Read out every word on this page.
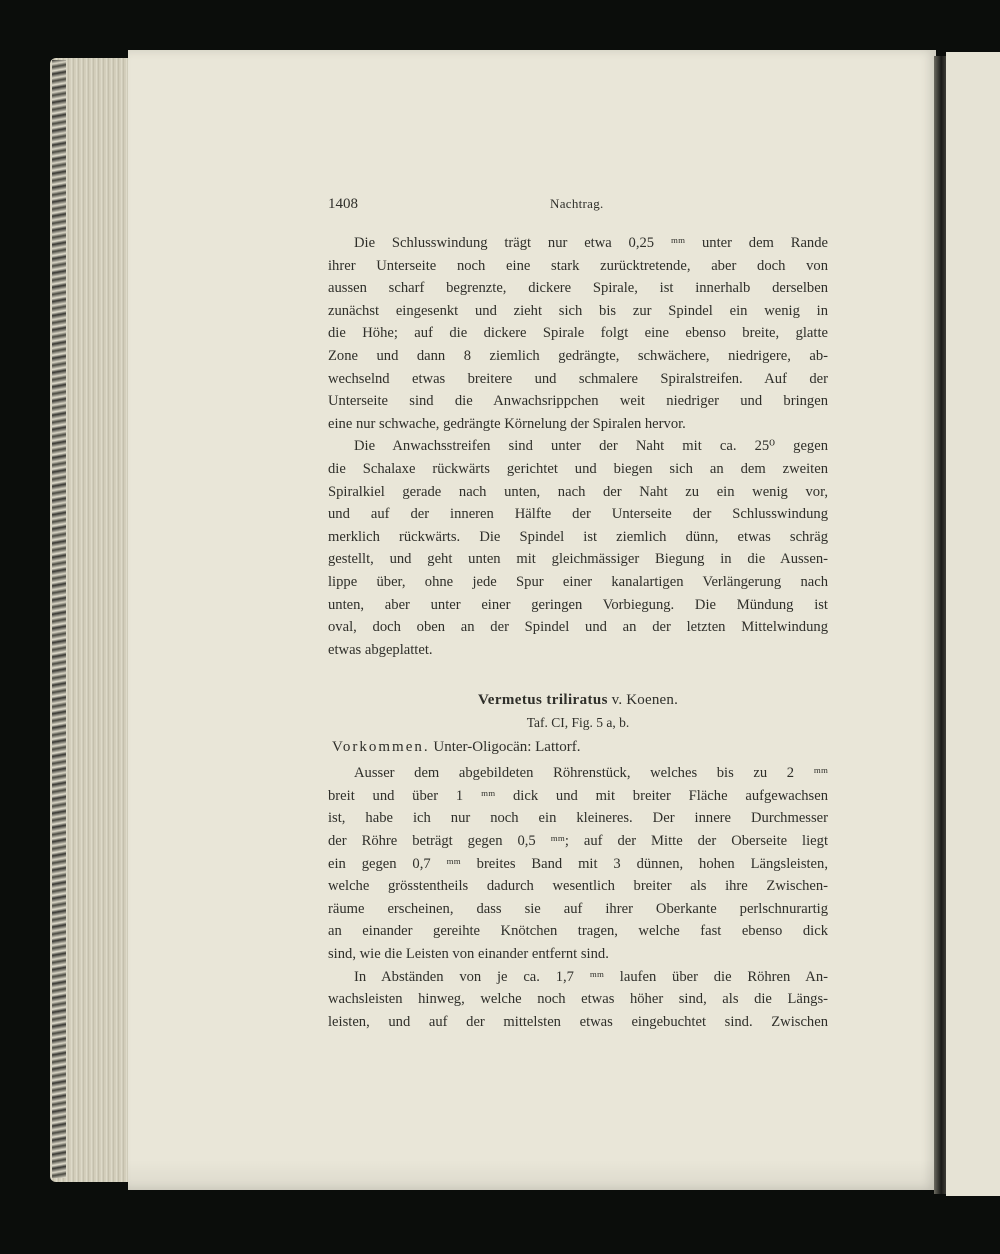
1408	Nachtrag.
Die Schlusswindung trägt nur etwa 0,25 ᵐᵐ unter dem Rande
ihrer Unterseite noch eine stark zurücktretende, aber doch von
aussen scharf begrenzte, dickere Spirale, ist innerhalb derselben
zunächst eingesenkt und zieht sich bis zur Spindel ein wenig in
die Höhe; auf die dickere Spirale folgt eine ebenso breite, glatte
Zone und dann 8 ziemlich gedrängte, schwächere, niedrigere, ab-
wechselnd etwas breitere und schmalere Spiralstreifen. Auf der
Unterseite sind die Anwachsrippchen weit niedriger und bringen
eine nur schwache, gedrängte Körnelung der Spiralen hervor.
Die Anwachsstreifen sind unter der Naht mit ca. 25⁰ gegen
die Schalaxe rückwärts gerichtet und biegen sich an dem zweiten
Spiralkiel gerade nach unten, nach der Naht zu ein wenig vor,
und auf der inneren Hälfte der Unterseite der Schlusswindung
merklich rückwärts. Die Spindel ist ziemlich dünn, etwas schräg
gestellt, und geht unten mit gleichmässiger Biegung in die Aussen-
lippe über, ohne jede Spur einer kanalartigen Verlängerung nach
unten, aber unter einer geringen Vorbiegung. Die Mündung ist
oval, doch oben an der Spindel und an der letzten Mittelwindung
etwas abgeplattet.
Vermetus triliratus v. Koenen.
Taf. CI, Fig. 5 a, b.
Vorkommen. Unter-Oligocän: Lattorf.
Ausser dem abgebildeten Röhrenstück, welches bis zu 2 ᵐᵐ
breit und über 1 ᵐᵐ dick und mit breiter Fläche aufgewachsen
ist, habe ich nur noch ein kleineres. Der innere Durchmesser
der Röhre beträgt gegen 0,5 ᵐᵐ; auf der Mitte der Oberseite liegt
ein gegen 0,7 ᵐᵐ breites Band mit 3 dünnen, hohen Längsleisten,
welche grösstentheils dadurch wesentlich breiter als ihre Zwischen-
räume erscheinen, dass sie auf ihrer Oberkante perlschnurartig
an einander gereihte Knötchen tragen, welche fast ebenso dick
sind, wie die Leisten von einander entfernt sind.
In Abständen von je ca. 1,7 ᵐᵐ laufen über die Röhren An-
wachsleisten hinweg, welche noch etwas höher sind, als die Längs-
leisten, und auf der mittelsten etwas eingebuchtet sind. Zwischen
